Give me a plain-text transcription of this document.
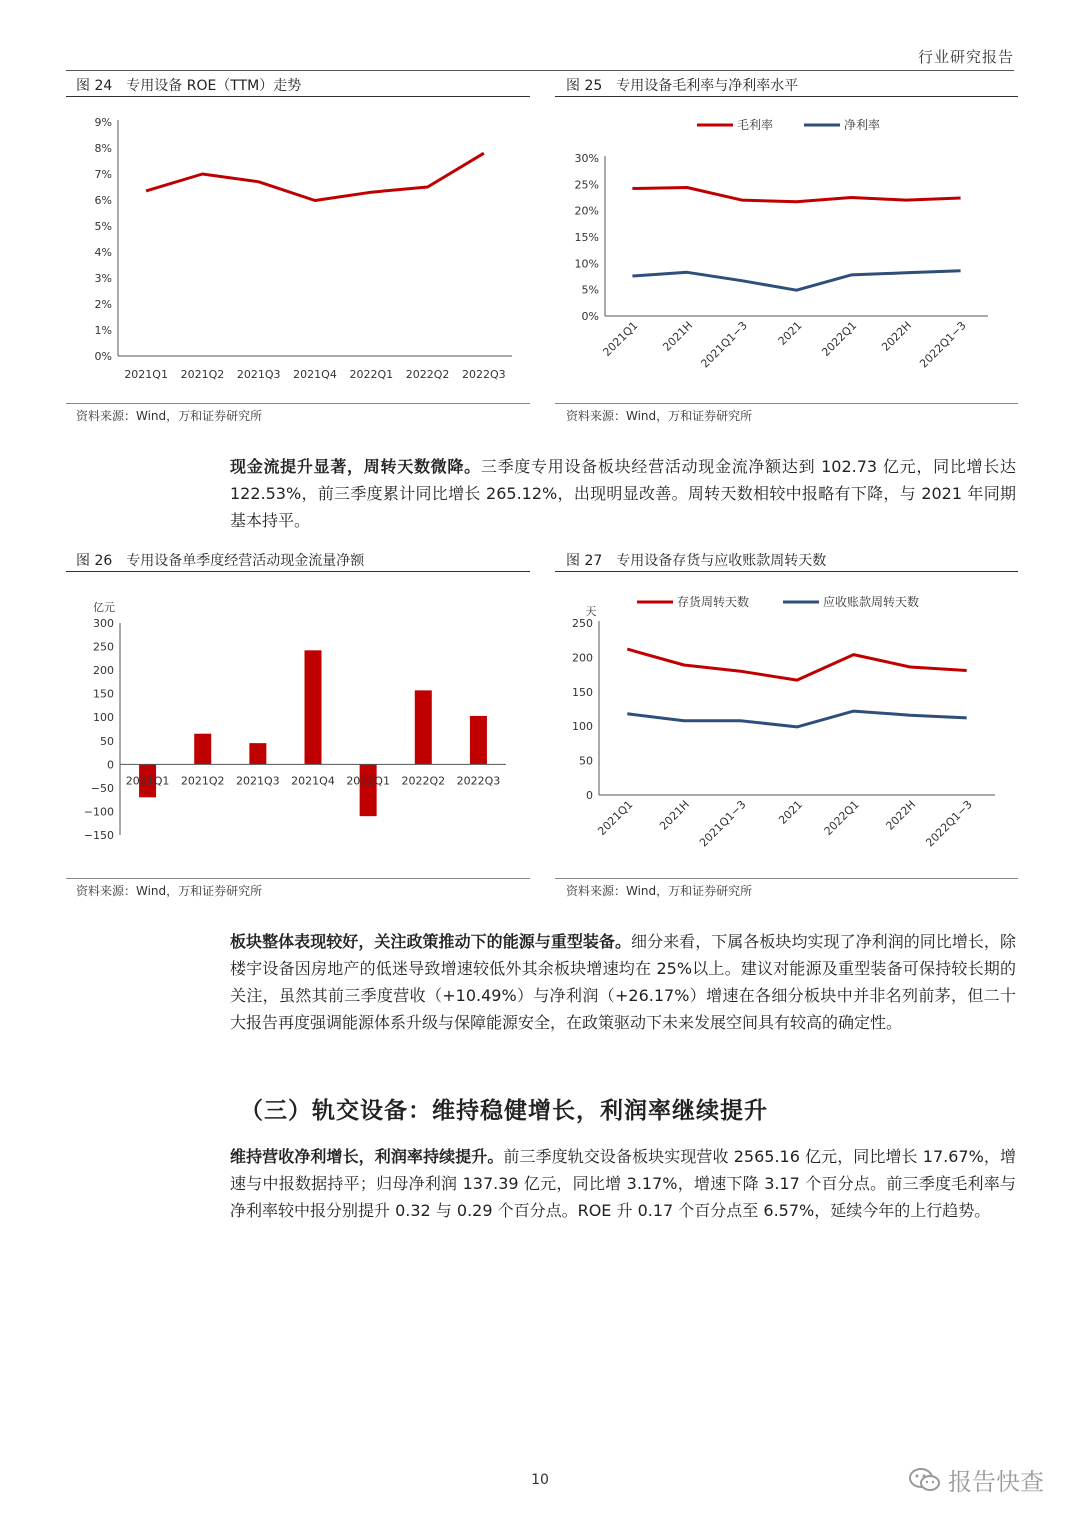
行业研究报告
图 24　专用设备 ROE（TTM）走势
0%
1%
2%
3%
4%
5%
6%
7%
8%
9%
2021Q1 2021Q2 2021Q3 2021Q4 2022Q1 2022Q2 2022Q3
资料来源：Wind，万和证券研究所
图 25　专用设备毛利率与净利率水平
0%
5%
10%
15%
20%
25%
30%
2021Q1 2021H 2021Q1−3 2021 2022Q1 2022H 2022Q1−3
毛利率	净利率
资料来源：Wind，万和证券研究所
现金流提升显著，周转天数微降。三季度专用设备板块经营活动现金流净额达到 102.73 亿元，同比增长达 122.53%，前三季度累计同比增长 265.12%，出现明显改善。周转天数相较中报略有下降，与 2021 年同期基本持平。
图 26　专用设备单季度经营活动现金流量净额
−150
−100
−50
0
50
100
150
200
250
300
2021Q1 2021Q2 2021Q3 2021Q4 2022Q1 2022Q2 2022Q3
亿元
资料来源：Wind，万和证券研究所
图 27　专用设备存货与应收账款周转天数
0
50
100
150
200
250
2021Q1 2021H 2021Q1−3	2021 2022Q1 2022H 2022Q1−3
天
存货周转天数	应收账款周转天数
资料来源：Wind，万和证券研究所
板块整体表现较好，关注政策推动下的能源与重型装备。细分来看，下属各板块均实现了净利润的同比增长，除楼宇设备因房地产的低迷导致增速较低外其余板块增速均在 25%以上。建议对能源及重型装备可保持较长期的关注，虽然其前三季度营收（+10.49%）与净利润（+26.17%）增速在各细分板块中并非名列前茅，但二十大报告再度强调能源体系升级与保障能源安全，在政策驱动下未来发展空间具有较高的确定性。
（三）轨交设备：维持稳健增长，利润率继续提升
维持营收净利增长，利润率持续提升。前三季度轨交设备板块实现营收 2565.16 亿元，同比增长 17.67%，增速与中报数据持平；归母净利润 137.39 亿元，同比增 3.17%，增速下降 3.17 个百分点。前三季度毛利率与净利率较中报分别提升 0.32 与 0.29 个百分点。ROE 升 0.17 个百分点至 6.57%，延续今年的上行趋势。
10	报告快查
